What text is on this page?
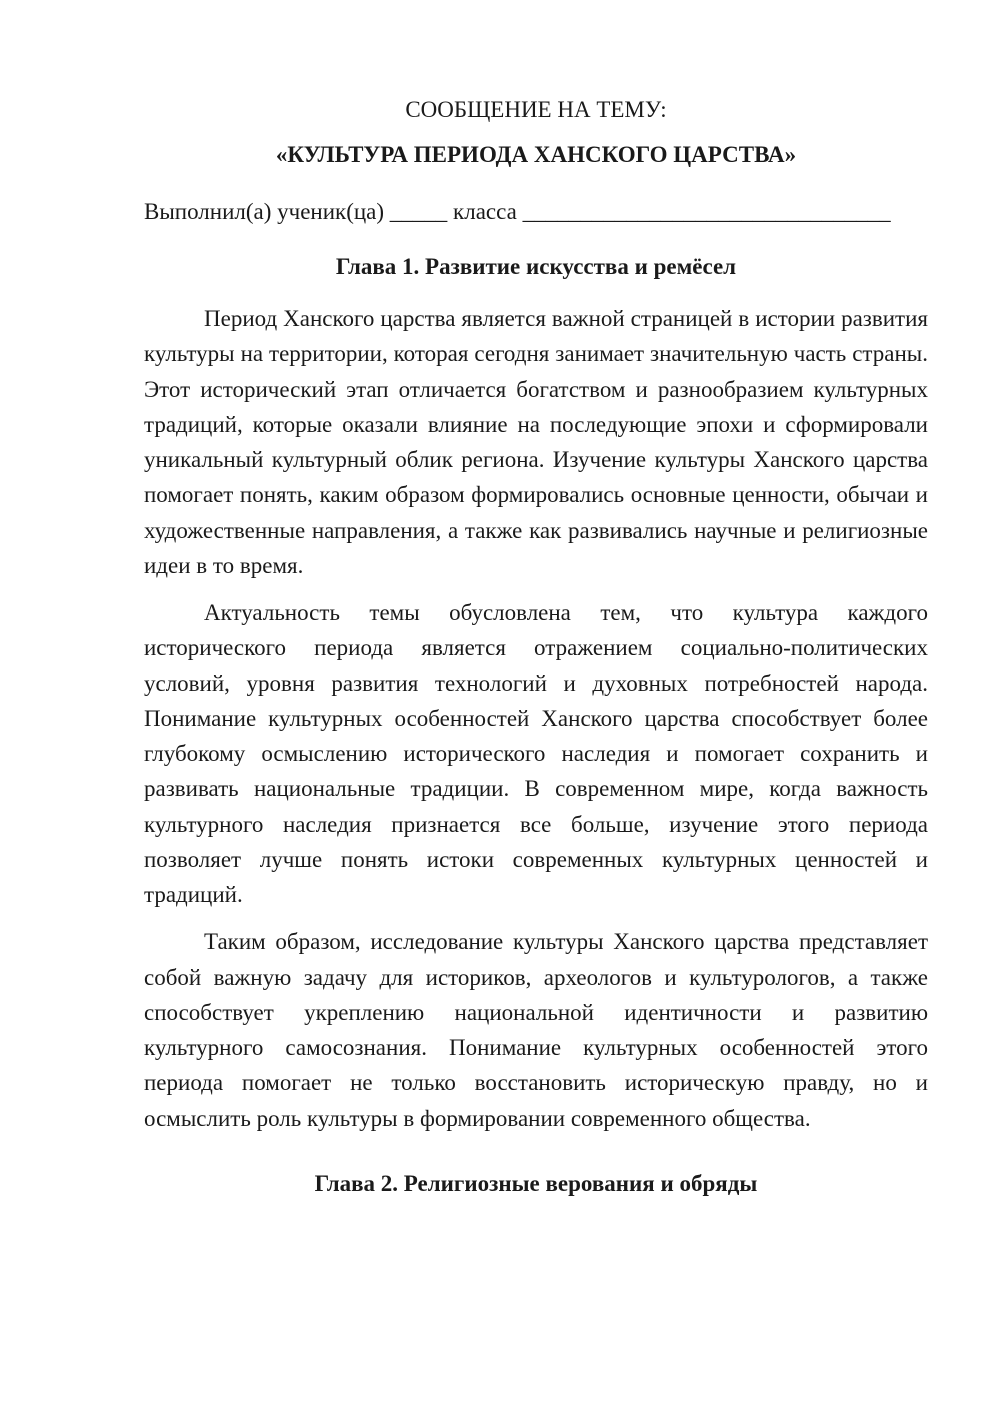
СООБЩЕНИЕ НА ТЕМУ:

«КУЛЬТУРА ПЕРИОДА ХАНСКОГО ЦАРСТВА»

Выполнил(а) ученик(ца) _____ класса ________________________________

Глава 1. Развитие искусства и ремёсел

Период Ханского царства является важной страницей в истории развития культуры на территории, которая сегодня занимает значительную часть страны. Этот исторический этап отличается богатством и разнообразием культурных традиций, которые оказали влияние на последующие эпохи и сформировали уникальный культурный облик региона. Изучение культуры Ханского царства помогает понять, каким образом формировались основные ценности, обычаи и художественные направления, а также как развивались научные и религиозные идеи в то время.

Актуальность темы обусловлена тем, что культура каждого исторического периода является отражением социально-политических условий, уровня развития технологий и духовных потребностей народа. Понимание культурных особенностей Ханского царства способствует более глубокому осмыслению исторического наследия и помогает сохранить и развивать национальные традиции. В современном мире, когда важность культурного наследия признается все больше, изучение этого периода позволяет лучше понять истоки современных культурных ценностей и традиций.

Таким образом, исследование культуры Ханского царства представляет собой важную задачу для историков, археологов и культурологов, а также способствует укреплению национальной идентичности и развитию культурного самосознания. Понимание культурных особенностей этого периода помогает не только восстановить историческую правду, но и осмыслить роль культуры в формировании современного общества.

Глава 2. Религиозные верования и обряды
